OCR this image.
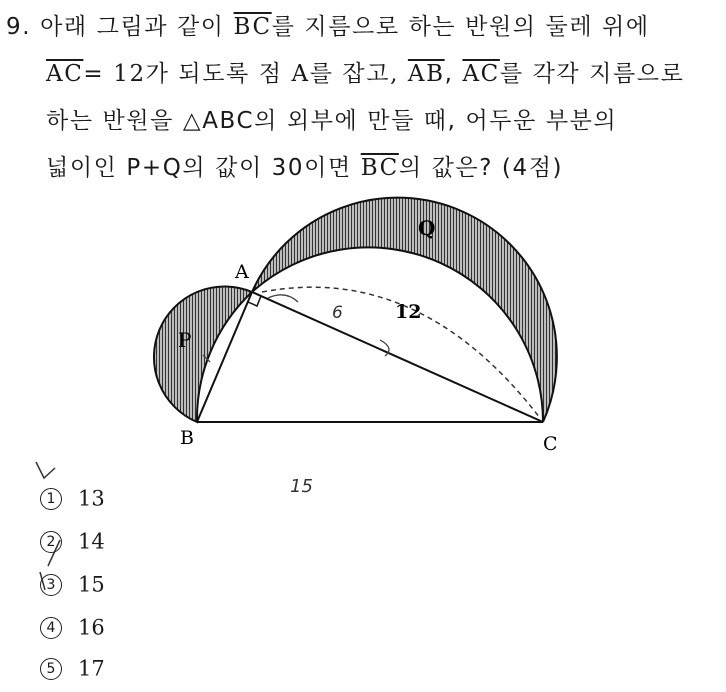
9. 아래 그림과 같이 $\overline{BC}$를 지름으로 하는 반원의 둘레 위에
$\overline{AC}= 12$가 되도록 점 A를 잡고, $\overline{AB}$, $\overline{AC}$를 각각 지름으로
하는 반원을 △ABC의 외부에 만들 때, 어두운 부분의
넓이인 P+Q의 값이 30이면 $\overline{BC}$의 값은? (4점)
A
B	C
P
Q
12
6
15
1 13
2 14
3 15
4 16
5 17
